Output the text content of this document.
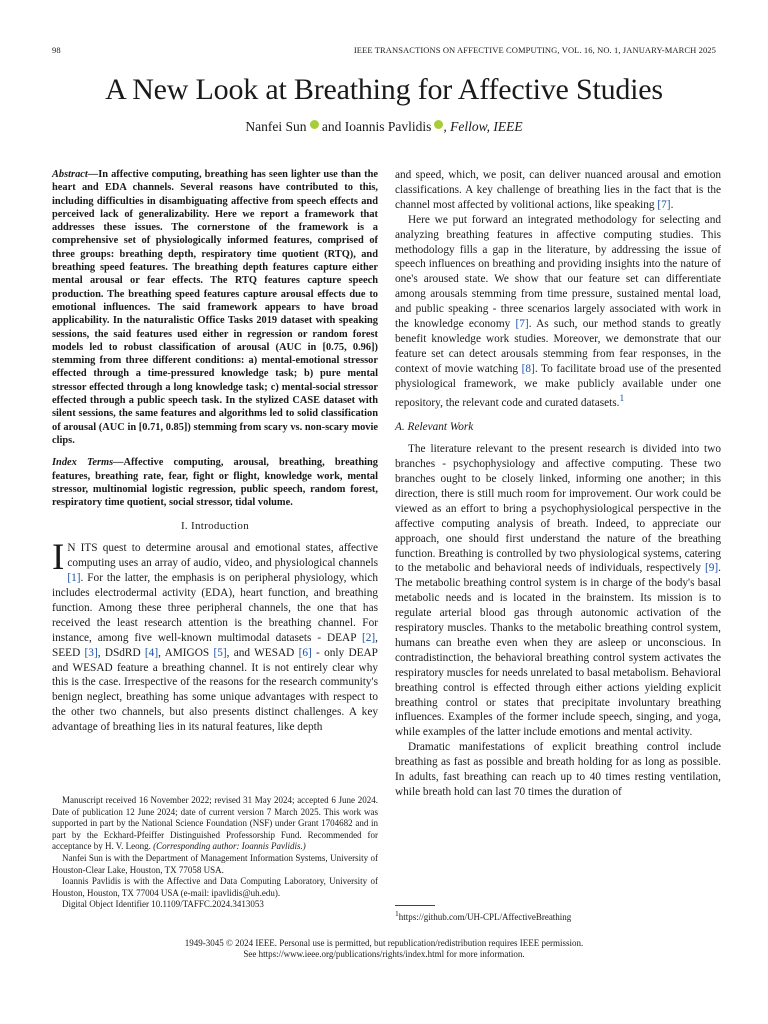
98	IEEE TRANSACTIONS ON AFFECTIVE COMPUTING, VOL. 16, NO. 1, JANUARY-MARCH 2025
A New Look at Breathing for Affective Studies
Nanfei Sun and Ioannis Pavlidis , Fellow, IEEE

Abstract—In affective computing, breathing has seen lighter use than the heart and EDA channels. Several reasons have contributed to this, including difficulties in disambiguating affective from speech effects and perceived lack of generalizability. Here we report a framework that addresses these issues. The cornerstone of the framework is a comprehensive set of physiologically informed features, comprised of three groups: breathing depth, respiratory time quotient (RTQ), and breathing speed features. The breathing depth features capture either mental arousal or fear effects. The RTQ features capture speech production. The breathing speed features capture arousal effects due to emotional influences. The said framework appears to have broad applicability. In the naturalistic Office Tasks 2019 dataset with speaking sessions, the said features used either in regression or random forest models led to robust classification of arousal (AUC in [0.75, 0.96]) stemming from three different conditions: a) mental-emotional stressor effected through a time-pressured knowledge task; b) pure mental stressor effected through a long knowledge task; c) mental-social stressor effected through a public speech task. In the stylized CASE dataset with silent sessions, the same features and algorithms led to solid classification of arousal (AUC in [0.71, 0.85]) stemming from scary vs. non-scary movie clips.

Index Terms—Affective computing, arousal, breathing, breathing features, breathing rate, fear, fight or flight, knowledge work, mental stressor, multinomial logistic regression, public speech, random forest, respiratory time quotient, social stressor, tidal volume.

I. Introduction

I N ITS quest to determine arousal and emotional states, affective computing uses an array of audio, video, and physiological channels [1]. For the latter, the emphasis is on peripheral physiology, which includes electrodermal activity (EDA), heart function, and breathing function. Among these three peripheral channels, the one that has received the least research attention is the breathing channel. For instance, among five well-known multimodal datasets - DEAP [2], SEED [3], DSdRD [4], AMIGOS [5], and WESAD [6] - only DEAP and WESAD feature a breathing channel. It is not entirely clear why this is the case. Irrespective of the reasons for the research community's benign neglect, breathing has some unique advantages with respect to the other two channels, but also presents distinct challenges. A key advantage of breathing lies in its natural features, like depth

Manuscript received 16 November 2022; revised 31 May 2024; accepted 6 June 2024. Date of publication 12 June 2024; date of current version 7 March 2025. This work was supported in part by the National Science Foundation (NSF) under Grant 1704682 and in part by the Eckhard-Pfeiffer Distinguished Professorship Fund. Recommended for acceptance by H. V. Leong. (Corresponding author: Ioannis Pavlidis.)

Nanfei Sun is with the Department of Management Information Systems, University of Houston-Clear Lake, Houston, TX 77058 USA.

Ioannis Pavlidis is with the Affective and Data Computing Laboratory, University of Houston, Houston, TX 77004 USA (e-mail: ipavlidis@uh.edu).

Digital Object Identifier 10.1109/TAFFC.2024.3413053

and speed, which, we posit, can deliver nuanced arousal and emotion classifications. A key challenge of breathing lies in the fact that is the channel most affected by volitional actions, like speaking [7].

Here we put forward an integrated methodology for selecting and analyzing breathing features in affective computing studies. This methodology fills a gap in the literature, by addressing the issue of speech influences on breathing and providing insights into the nature of one's aroused state. We show that our feature set can differentiate among arousals stemming from time pressure, sustained mental load, and public speaking - three scenarios largely associated with work in the knowledge economy [7]. As such, our method stands to greatly benefit knowledge work studies. Moreover, we demonstrate that our feature set can detect arousals stemming from fear responses, in the context of movie watching [8]. To facilitate broad use of the presented physiological framework, we make publicly available under one repository, the relevant code and curated datasets.$^1$

A. Relevant Work

The literature relevant to the present research is divided into two branches - psychophysiology and affective computing. These two branches ought to be closely linked, informing one another; in this direction, there is still much room for improvement. Our work could be viewed as an effort to bring a psychophysiological perspective in the affective computing analysis of breath. Indeed, to appreciate our approach, one should first understand the nature of the breathing function. Breathing is controlled by two physiological systems, catering to the metabolic and behavioral needs of individuals, respectively [9]. The metabolic breathing control system is in charge of the body's basal metabolic needs and is located in the brainstem. Its mission is to regulate arterial blood gas through autonomic activation of the respiratory muscles. Thanks to the metabolic breathing control system, humans can breathe even when they are asleep or unconscious. In contradistinction, the behavioral breathing control system activates the respiratory muscles for needs unrelated to basal metabolism. Behavioral breathing control is effected through either actions yielding explicit breathing control or states that precipitate involuntary breathing influences. Examples of the former include speech, singing, and yoga, while examples of the latter include emotions and mental activity.

Dramatic manifestations of explicit breathing control include breathing as fast as possible and breath holding for as long as possible. In adults, fast breathing can reach up to 40 times resting ventilation, while breath hold can last 70 times the duration of

$^1$https://github.com/UH-CPL/AffectiveBreathing
1949-3045 © 2024 IEEE. Personal use is permitted, but republication/redistribution requires IEEE permission.
See https://www.ieee.org/publications/rights/index.html for more information.
